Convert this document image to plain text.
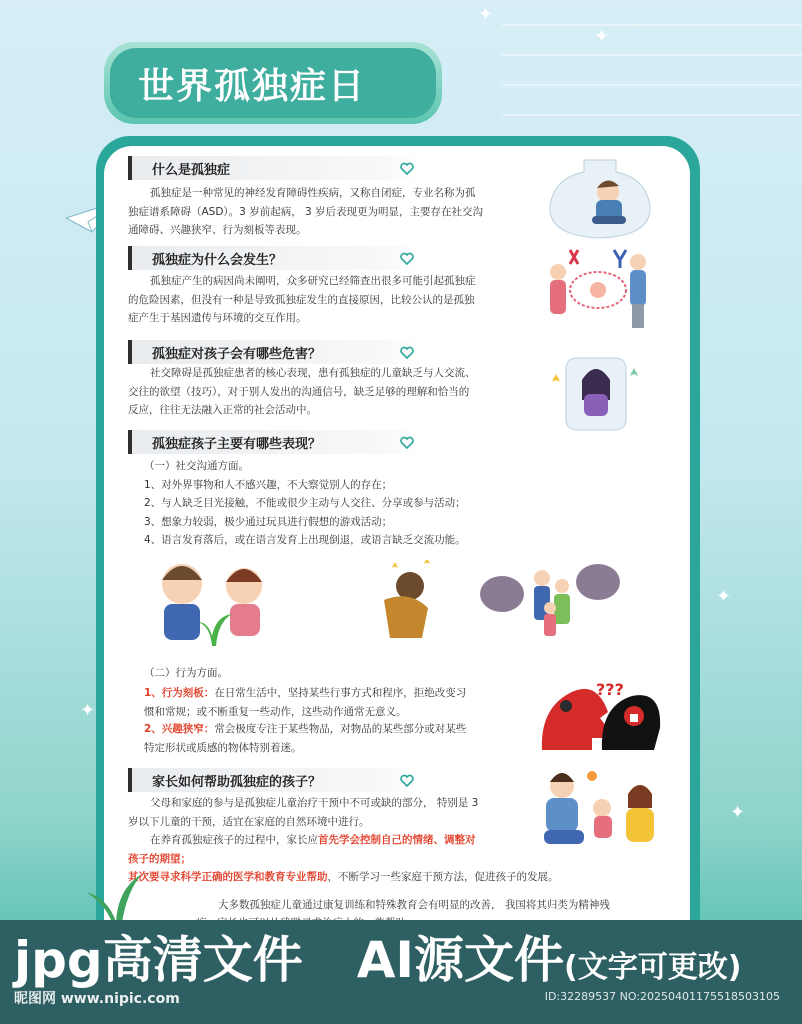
✦
✦
✦
✦
✦
世界孤独症日
什么是孤独症

孤独症是一种常见的神经发育障碍性疾病，又称自闭症，专业名称为孤
独症谱系障碍（ASD）。3 岁前起病， 3 岁后表现更为明显，主要存在社交沟
通障碍、兴趣狭窄、行为刻板等表现。

孤独症为什么会发生？

孤独症产生的病因尚未阐明，众多研究已经筛查出很多可能引起孤独症
的危险因素，但没有一种是导致孤独症发生的直接原因，比较公认的是孤独
症产生于基因遗传与环境的交互作用。

孤独症对孩子会有哪些危害？

社交障碍是孤独症患者的核心表现，患有孤独症的儿童缺乏与人交流、
交往的欲望（技巧），对于别人发出的沟通信号，缺乏足够的理解和恰当的
反应，往往无法融入正常的社会活动中。

孤独症孩子主要有哪些表现？

（一）社交沟通方面。
1、对外界事物和人不感兴趣，不大察觉别人的存在；
2、与人缺乏目光接触，不能或很少主动与人交往、分享或参与活动；
3、想象力较弱，极少通过玩具进行假想的游戏活动；
4、语言发育落后，或在语言发育上出现倒退，或语言缺乏交流功能。

（二）行为方面。

1、行为刻板：在日常生活中，坚持某些行事方式和程序，拒绝改变习
惯和常规；或不断重复一些动作，这些动作通常无意义。

2、兴趣狭窄：常会极度专注于某些物品，对物品的某些部分或对某些
特定形状或质感的物体特别着迷。

???
家长如何帮助孤独症的孩子？

父母和家庭的参与是孤独症儿童治疗干预中不可或缺的部分， 特别是 3
岁以下儿童的干预，适宜在家庭的自然环境中进行。
在养育孤独症孩子的过程中，家长应首先学会控制自己的情绪、调整对
孩子的期望；
其次要寻求科学正确的医学和教育专业帮助，不断学习一些家庭干预方法，促进孩子的发展。

大多数孤独症儿童通过康复训练和特殊教育会有明显的改善， 我国将其归类为精神残

jpg高清文件 AI源文件(文字可更改)
昵图网 www.nipic.com	ID:32289537 NO:20250401175518503105
